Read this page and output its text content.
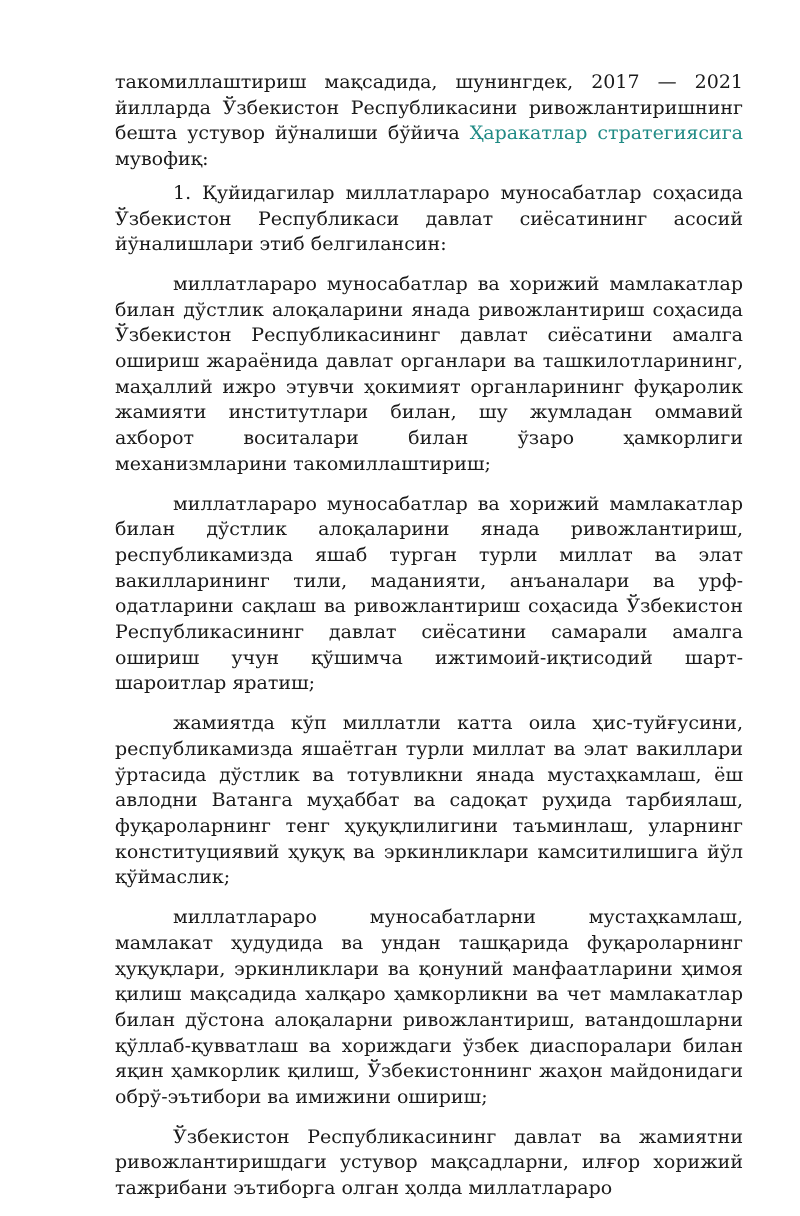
такомиллаштириш мақсадида, шунингдек, 2017 — 2021 йилларда Ўзбекистон Республикасини ривожлантиришнинг бешта устувор йўналиши бўйича Ҳаракатлар стратегиясига мувофиқ:

1. Қуйидагилар миллатлараро муносабатлар соҳасида Ўзбекистон Республикаси давлат сиёсатининг асосий йўналишлари этиб белгилансин:

миллатлараро муносабатлар ва хорижий мамлакатлар билан дўстлик алоқаларини янада ривожлантириш соҳасида Ўзбекистон Республикасининг давлат сиёсатини амалга ошириш жараёнида давлат органлари ва ташкилотларининг, маҳаллий ижро этувчи ҳокимият органларининг фуқаролик жамияти институтлари билан, шу жумладан оммавий ахборот воситалари билан ўзаро ҳамкорлиги механизмларини такомиллаштириш;

миллатлараро муносабатлар ва хорижий мамлакатлар билан дўстлик алоқаларини янада ривожлантириш, республикамизда яшаб турган турли миллат ва элат вакилларининг тили, маданияти, анъаналари ва урф-одатларини сақлаш ва ривожлантириш соҳасида Ўзбекистон Республикасининг давлат сиёсатини самарали амалга ошириш учун қўшимча ижтимоий-иқтисодий шарт-шароитлар яратиш;

жамиятда кўп миллатли катта оила ҳис-туйғусини, республикамизда яшаётган турли миллат ва элат вакиллари ўртасида дўстлик ва тотувликни янада мустаҳкамлаш, ёш авлодни Ватанга муҳаббат ва садоқат руҳида тарбиялаш, фуқароларнинг тенг ҳуқуқлилигини таъминлаш, уларнинг конституциявий ҳуқуқ ва эркинликлари камситилишига йўл қўймаслик;

миллатлараро муносабатларни мустаҳкамлаш, мамлакат ҳудудида ва ундан ташқарида фуқароларнинг ҳуқуқлари, эркинликлари ва қонуний манфаатларини ҳимоя қилиш мақсадида халқаро ҳамкорликни ва чет мамлакатлар билан дўстона алоқаларни ривожлантириш, ватандошларни қўллаб-қувватлаш ва хориждаги ўзбек диаспоралари билан яқин ҳамкорлик қилиш, Ўзбекистоннинг жаҳон майдонидаги обрў-эътибори ва имижини ошириш;

Ўзбекистон Республикасининг давлат ва жамиятни ривожлантиришдаги устувор мақсадларни, илғор хорижий тажрибани эътиборга олган ҳолда миллатлараро
